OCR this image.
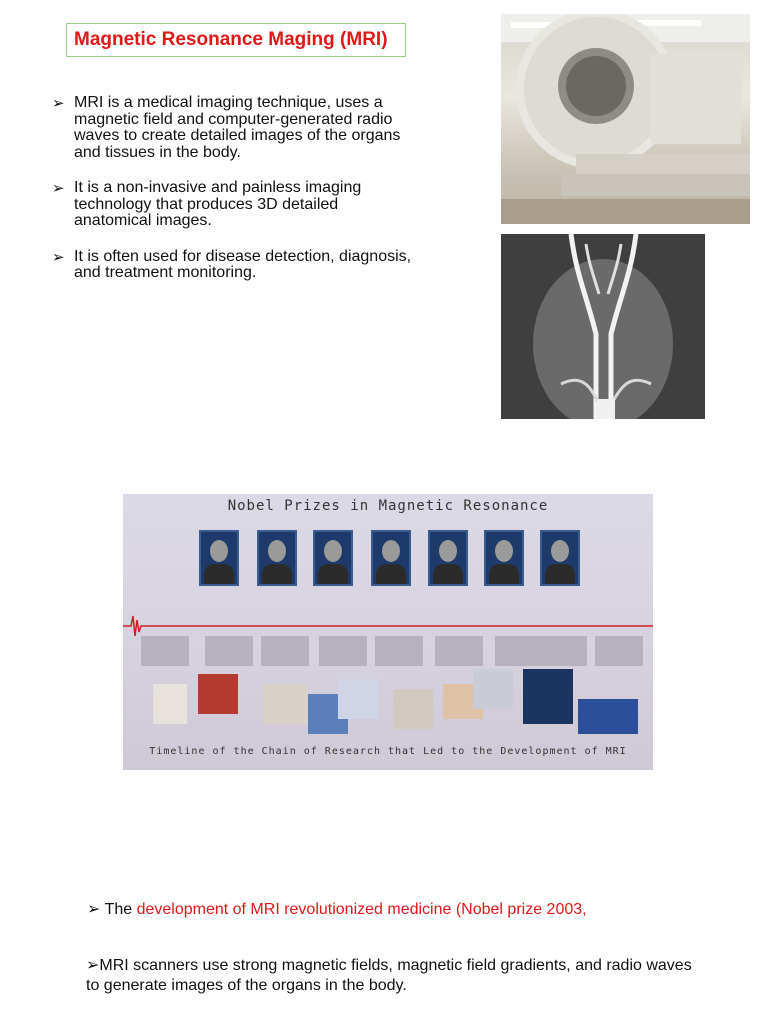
Magnetic Resonance Maging (MRI)
➢ MRI is a medical imaging technique, uses a magnetic field and computer-generated radio waves to create detailed images of the organs and tissues in the body.
➢ It is a non-invasive and painless imaging technology that produces 3D detailed anatomical images.
➢ It is often used for disease detection, diagnosis, and treatment monitoring.
Nobel Prizes in Magnetic Resonance
Timeline of the Chain of Research that Led to the Development of MRI
➢ The development of MRI revolutionized medicine (Nobel prize 2003,
➢MRI scanners use strong magnetic fields, magnetic field gradients, and radio waves to generate images of the organs in the body.
